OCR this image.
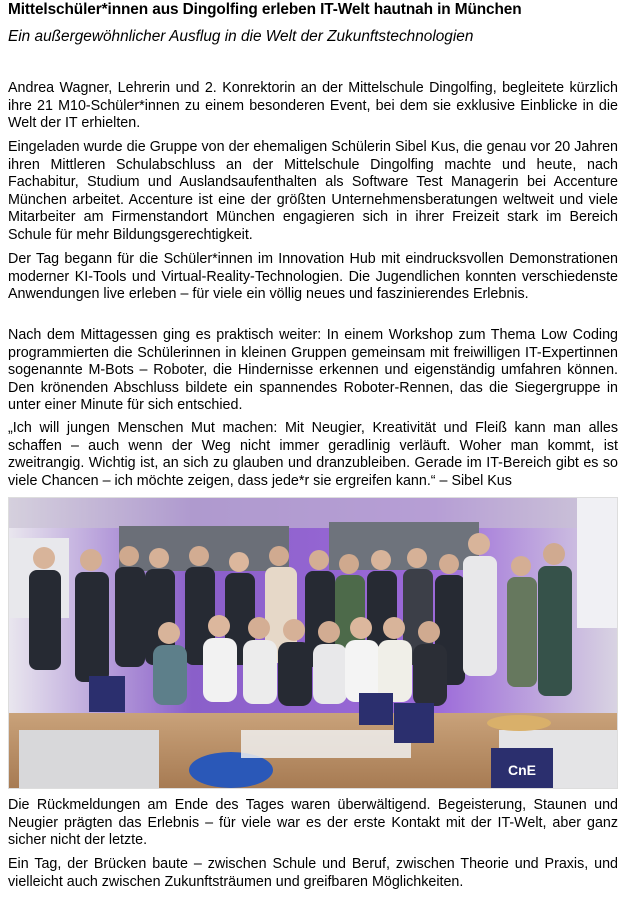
Mittelschüler*innen aus Dingolfing erleben IT-Welt hautnah in München
Ein außergewöhnlicher Ausflug in die Welt der Zukunftstechnologien

Andrea Wagner, Lehrerin und 2. Konrektorin an der Mittelschule Dingolfing, begleitete kürzlich ihre 21 M10-Schüler*innen zu einem besonderen Event, bei dem sie exklusive Einblicke in die Welt der IT erhielten.

Eingeladen wurde die Gruppe von der ehemaligen Schülerin Sibel Kus, die genau vor 20 Jahren ihren Mittleren Schulabschluss an der Mittelschule Dingolfing machte und heute, nach Fachabitur, Studium und Auslandsaufenthalten als Software Test Managerin bei Accenture München arbeitet. Accenture ist eine der größten Unternehmensberatungen weltweit und viele Mitarbeiter am Firmenstandort München engagieren sich in ihrer Freizeit stark im Bereich Schule für mehr Bildungsgerechtigkeit.

Der Tag begann für die Schüler*innen im Innovation Hub mit eindrucksvollen Demonstrationen moderner KI-Tools und Virtual-Reality-Technologien. Die Jugendlichen konnten verschiedenste Anwendungen live erleben – für viele ein völlig neues und faszinierendes Erlebnis.

Nach dem Mittagessen ging es praktisch weiter: In einem Workshop zum Thema Low Coding programmierten die Schülerinnen in kleinen Gruppen gemeinsam mit freiwilligen IT-Expertinnen sogenannte M-Bots – Roboter, die Hindernisse erkennen und eigenständig umfahren können. Den krönenden Abschluss bildete ein spannendes Roboter-Rennen, das die Siegergruppe in unter einer Minute für sich entschied.

„Ich will jungen Menschen Mut machen: Mit Neugier, Kreativität und Fleiß kann man alles schaffen – auch wenn der Weg nicht immer geradlinig verläuft. Woher man kommt, ist zweitrangig. Wichtig ist, an sich zu glauben und dranzubleiben. Gerade im IT-Bereich gibt es so viele Chancen – ich möchte zeigen, dass jede*r sie ergreifen kann.“ – Sibel Kus

CnE

Die Rückmeldungen am Ende des Tages waren überwältigend. Begeisterung, Staunen und Neugier prägten das Erlebnis – für viele war es der erste Kontakt mit der IT-Welt, aber ganz sicher nicht der letzte.

Ein Tag, der Brücken baute – zwischen Schule und Beruf, zwischen Theorie und Praxis, und vielleicht auch zwischen Zukunftsträumen und greifbaren Möglichkeiten.
